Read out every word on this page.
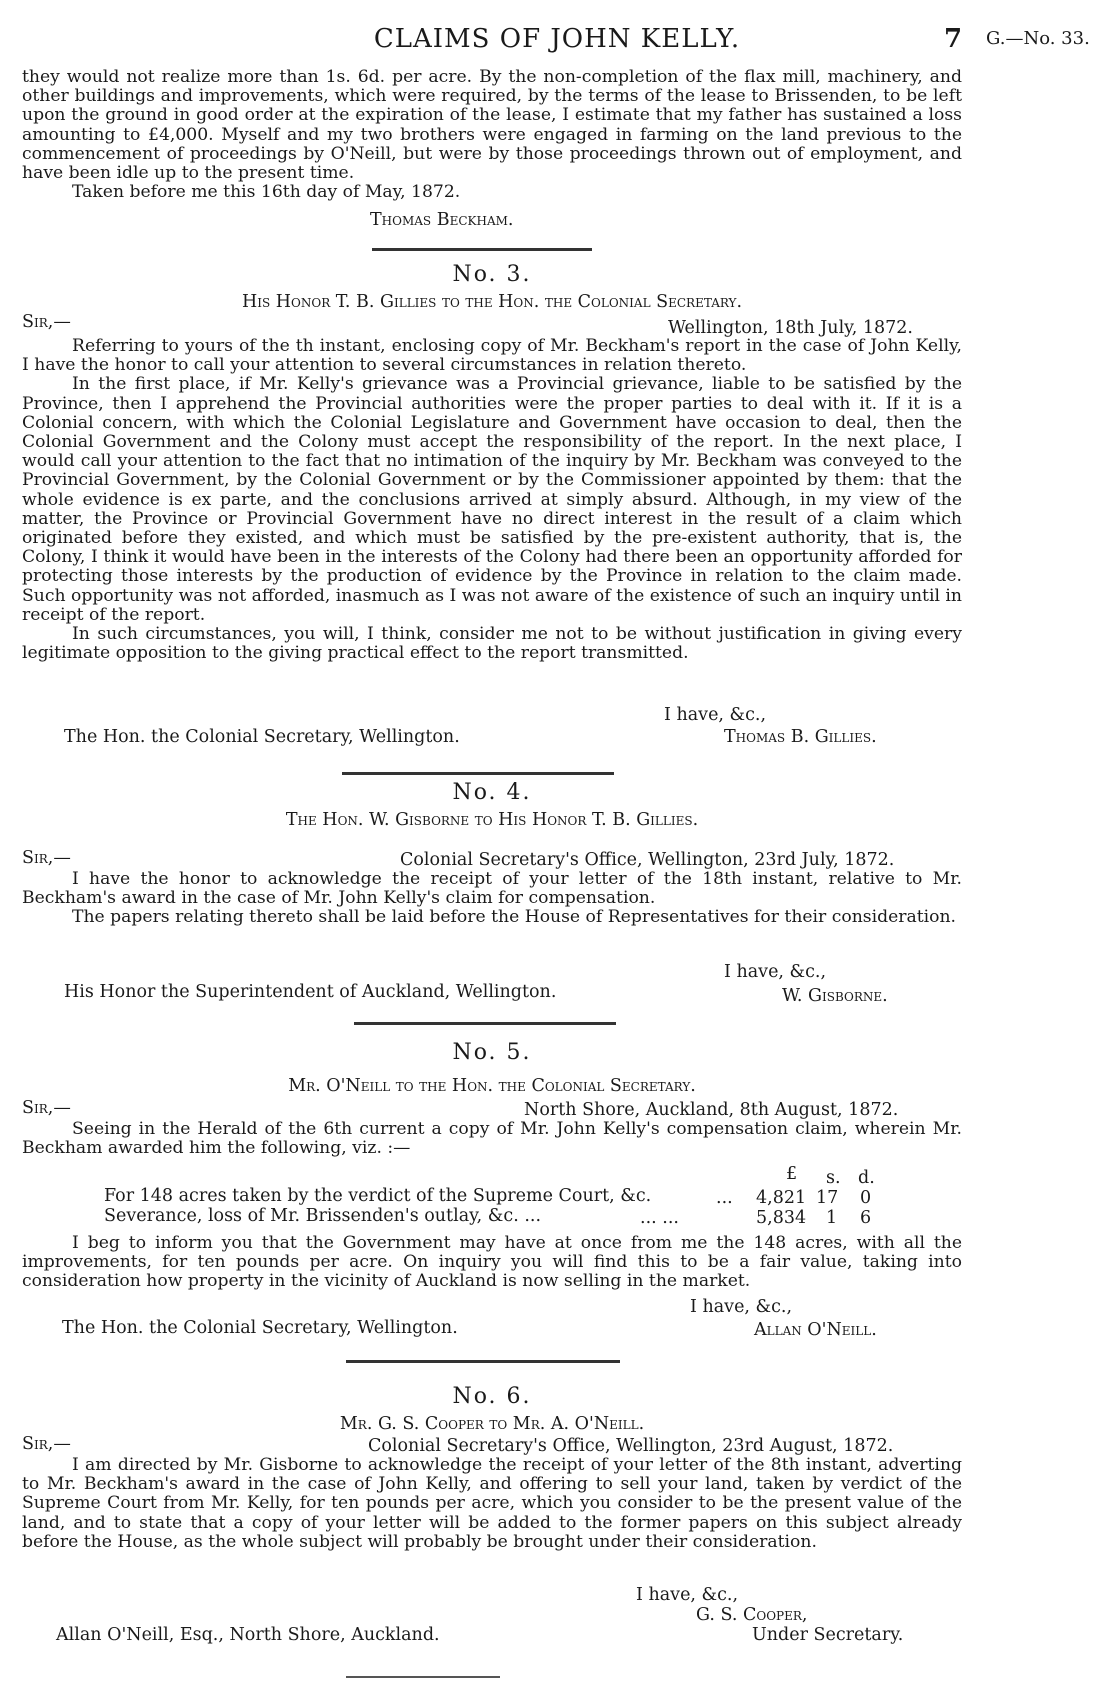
CLAIMS OF JOHN KELLY.	7 G.—No. 33.

they would not realize more than 1s. 6d. per acre. By the non-completion of the flax mill, machinery, and other buildings and improvements, which were required, by the terms of the lease to Brissenden, to be left upon the ground in good order at the expiration of the lease, I estimate that my father has sustained a loss amounting to £4,000. Myself and my two brothers were engaged in farming on the land previous to the commencement of proceedings by O'Neill, but were by those proceedings thrown out of employment, and have been idle up to the present time.

Taken before me this 16th day of May, 1872.

Thomas Beckham.
No. 3.
His Honor T. B. Gillies to the Hon. the Colonial Secretary.
Sir,—	Wellington, 18th July, 1872.

Referring to yours of the th instant, enclosing copy of Mr. Beckham's report in the case of John Kelly, I have the honor to call your attention to several circumstances in relation thereto.

In the first place, if Mr. Kelly's grievance was a Provincial grievance, liable to be satisfied by the Province, then I apprehend the Provincial authorities were the proper parties to deal with it. If it is a Colonial concern, with which the Colonial Legislature and Government have occasion to deal, then the Colonial Government and the Colony must accept the responsibility of the report. In the next place, I would call your attention to the fact that no intimation of the inquiry by Mr. Beckham was conveyed to the Provincial Government, by the Colonial Government or by the Commissioner appointed by them: that the whole evidence is ex parte, and the conclusions arrived at simply absurd. Although, in my view of the matter, the Province or Provincial Government have no direct interest in the result of a claim which originated before they existed, and which must be satisfied by the pre-existent authority, that is, the Colony, I think it would have been in the interests of the Colony had there been an opportunity afforded for protecting those interests by the production of evidence by the Province in relation to the claim made. Such opportunity was not afforded, inasmuch as I was not aware of the existence of such an inquiry until in receipt of the report.

In such circumstances, you will, I think, consider me not to be without justification in giving every legitimate opposition to the giving practical effect to the report transmitted.

I have, &c.,
The Hon. the Colonial Secretary, Wellington.	Thomas B. Gillies.
No. 4.
The Hon. W. Gisborne to His Honor T. B. Gillies.
Sir,—	Colonial Secretary's Office, Wellington, 23rd July, 1872.

I have the honor to acknowledge the receipt of your letter of the 18th instant, relative to Mr. Beckham's award in the case of Mr. John Kelly's claim for compensation.

The papers relating thereto shall be laid before the House of Representatives for their consideration.

I have, &c.,
His Honor the Superintendent of Auckland, Wellington.	W. Gisborne.
No. 5.
Mr. O'Neill to the Hon. the Colonial Secretary.
Sir,—	North Shore, Auckland, 8th August, 1872.

Seeing in the Herald of the 6th current a copy of Mr. John Kelly's compensation claim, wherein Mr. Beckham awarded him the following, viz. :—

£ s. d.
For 148 acres taken by the verdict of the Supreme Court, &c.	... 4,821 17 0
Severance, loss of Mr. Brissenden's outlay, &c. ...	... ...	5,834 1 6

I beg to inform you that the Government may have at once from me the 148 acres, with all the improvements, for ten pounds per acre. On inquiry you will find this to be a fair value, taking into consideration how property in the vicinity of Auckland is now selling in the market.

I have, &c.,
The Hon. the Colonial Secretary, Wellington.	Allan O'Neill.
No. 6.
Mr. G. S. Cooper to Mr. A. O'Neill.
Sir,—	Colonial Secretary's Office, Wellington, 23rd August, 1872.

I am directed by Mr. Gisborne to acknowledge the receipt of your letter of the 8th instant, adverting to Mr. Beckham's award in the case of John Kelly, and offering to sell your land, taken by verdict of the Supreme Court from Mr. Kelly, for ten pounds per acre, which you consider to be the present value of the land, and to state that a copy of your letter will be added to the former papers on this subject already before the House, as the whole subject will probably be brought under their consideration.

I have, &c.,
G. S. Cooper,
Under Secretary.
Allan O'Neill, Esq., North Shore, Auckland.
